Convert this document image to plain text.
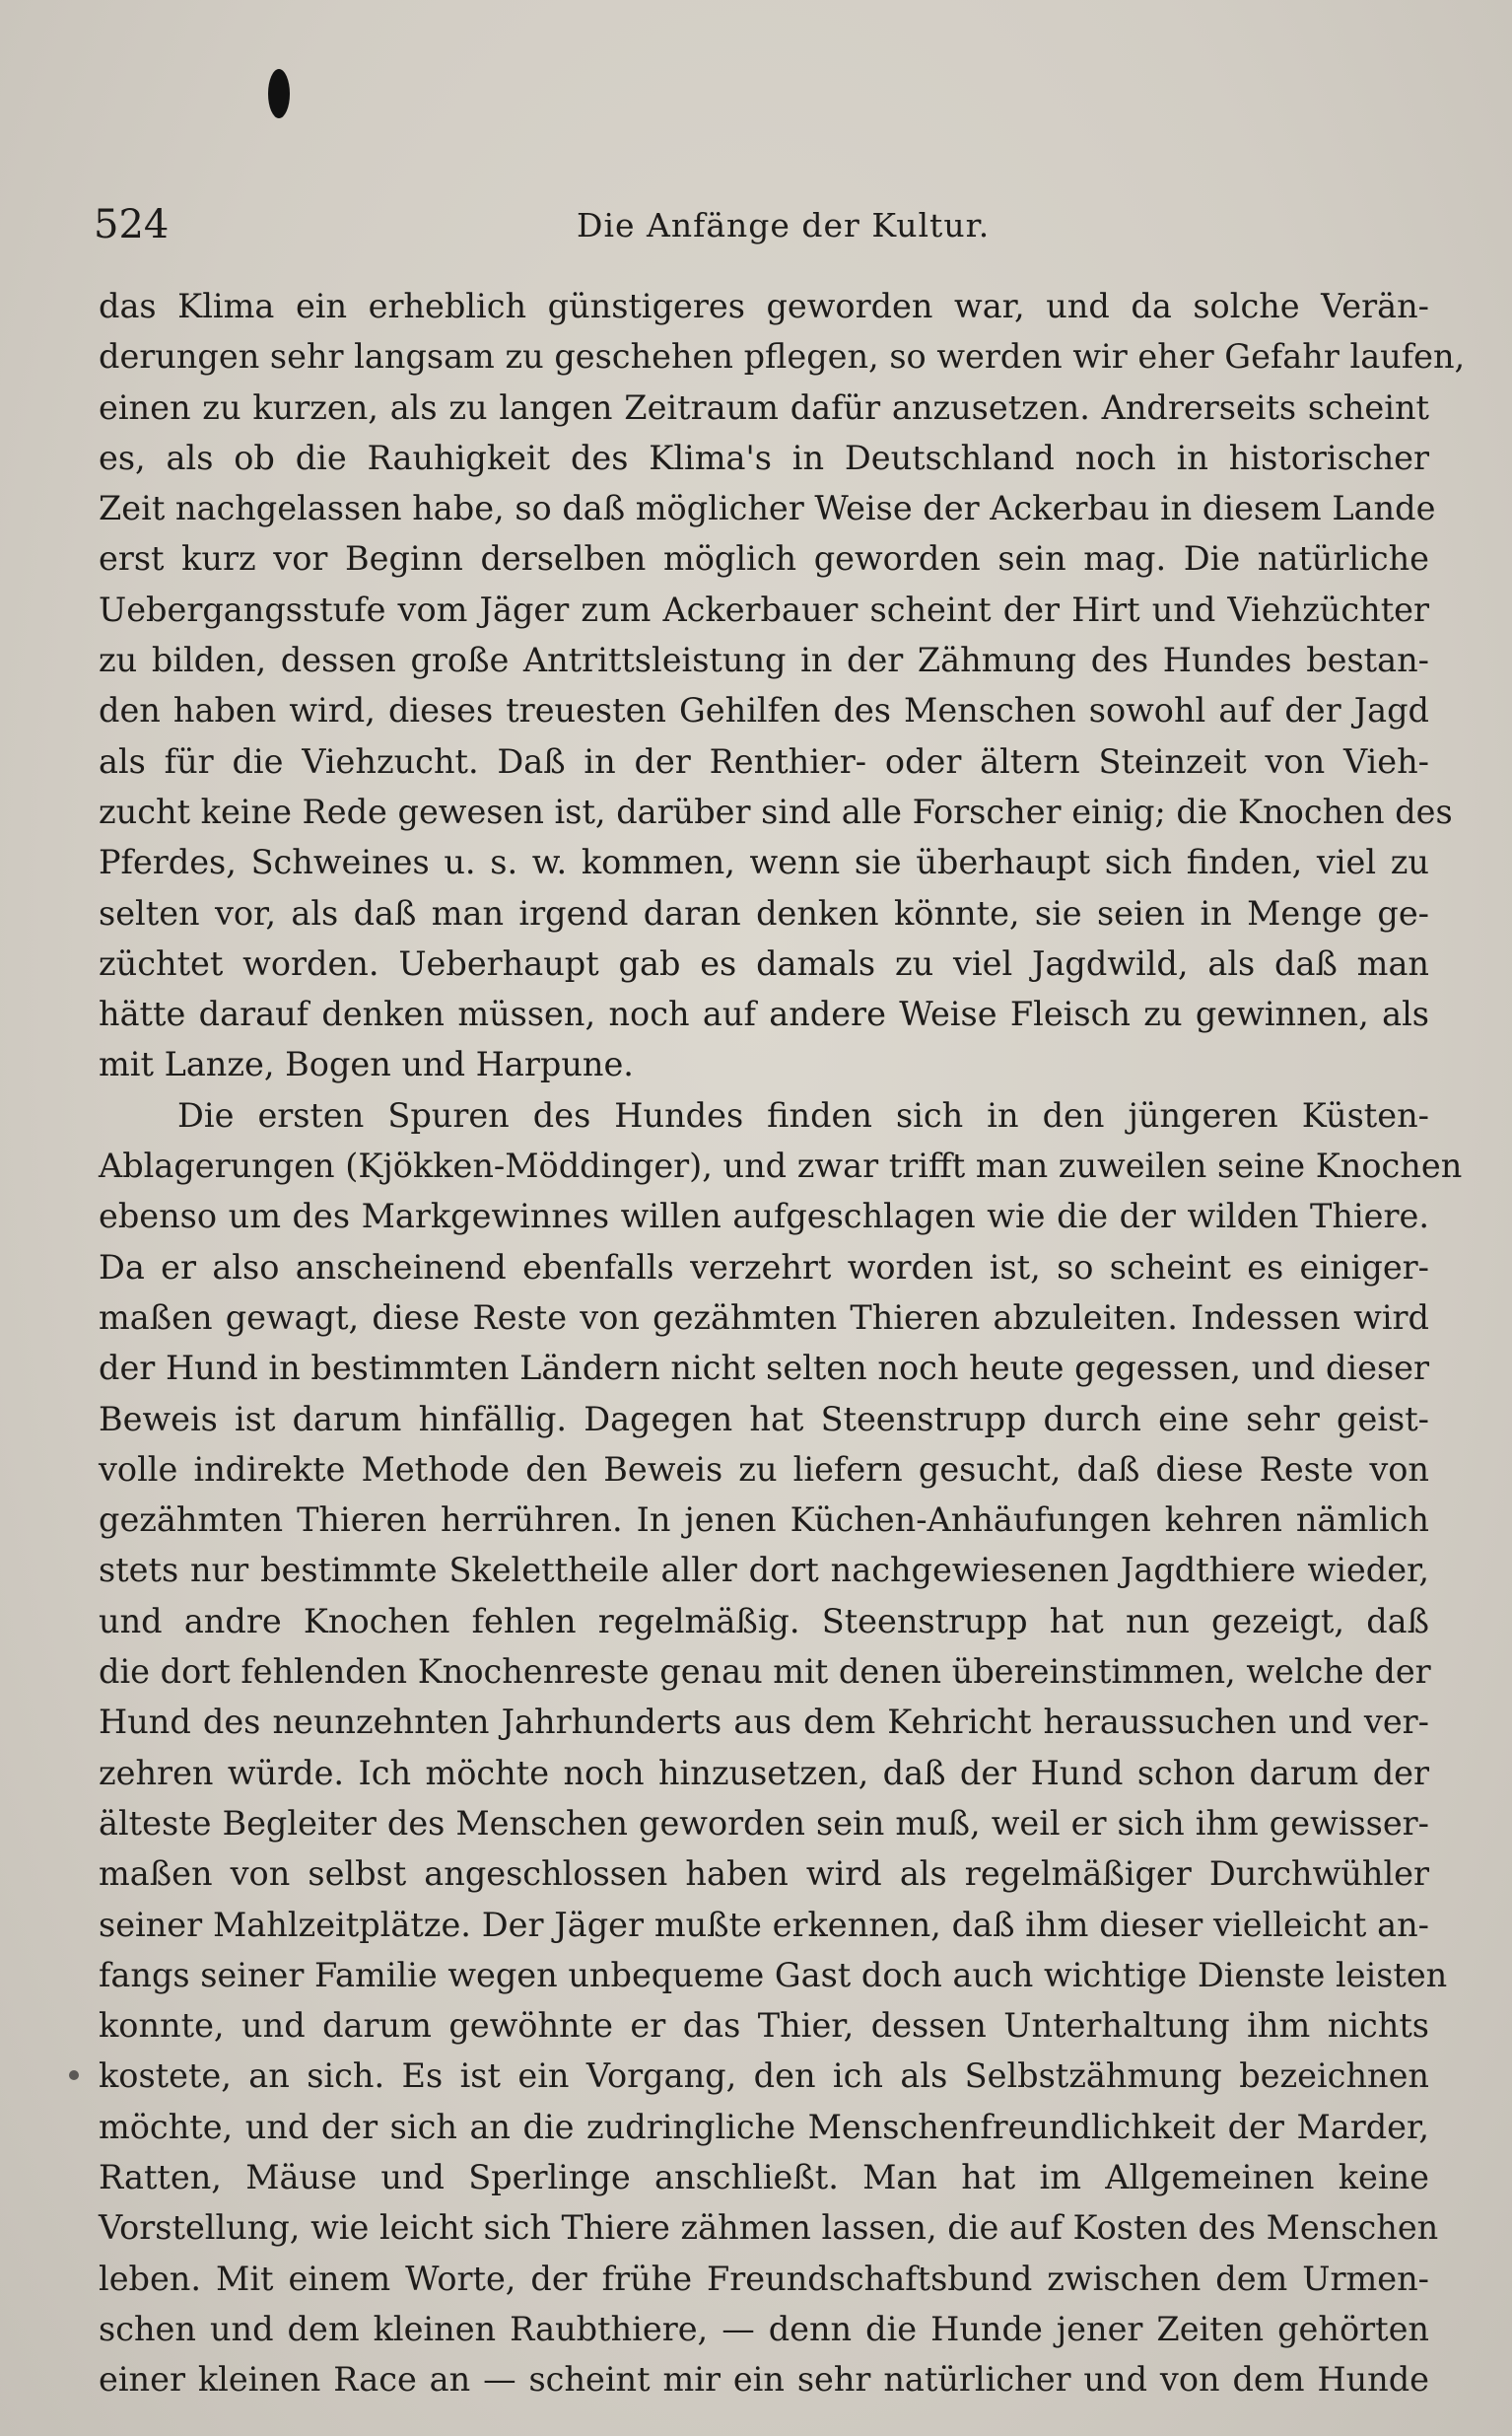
524	Die Anfänge der Kultur.
das Klima ein erheblich günstigeres geworden war, und da solche Verän-
derungen sehr langsam zu geschehen pflegen, so werden wir eher Gefahr laufen,
einen zu kurzen, als zu langen Zeitraum dafür anzusetzen. Andrerseits scheint
es, als ob die Rauhigkeit des Klima's in Deutschland noch in historischer
Zeit nachgelassen habe, so daß möglicher Weise der Ackerbau in diesem Lande
erst kurz vor Beginn derselben möglich geworden sein mag. Die natürliche
Uebergangsstufe vom Jäger zum Ackerbauer scheint der Hirt und Viehzüchter
zu bilden, dessen große Antrittsleistung in der Zähmung des Hundes bestan-
den haben wird, dieses treuesten Gehilfen des Menschen sowohl auf der Jagd
als für die Viehzucht. Daß in der Renthier- oder ältern Steinzeit von Vieh-
zucht keine Rede gewesen ist, darüber sind alle Forscher einig; die Knochen des
Pferdes, Schweines u. s. w. kommen, wenn sie überhaupt sich finden, viel zu
selten vor, als daß man irgend daran denken könnte, sie seien in Menge ge-
züchtet worden. Ueberhaupt gab es damals zu viel Jagdwild, als daß man
hätte darauf denken müssen, noch auf andere Weise Fleisch zu gewinnen, als
mit Lanze, Bogen und Harpune.
Die ersten Spuren des Hundes finden sich in den jüngeren Küsten-
Ablagerungen (Kjökken-Möddinger), und zwar trifft man zuweilen seine Knochen
ebenso um des Markgewinnes willen aufgeschlagen wie die der wilden Thiere.
Da er also anscheinend ebenfalls verzehrt worden ist, so scheint es einiger-
maßen gewagt, diese Reste von gezähmten Thieren abzuleiten. Indessen wird
der Hund in bestimmten Ländern nicht selten noch heute gegessen, und dieser
Beweis ist darum hinfällig. Dagegen hat Steenstrupp durch eine sehr geist-
volle indirekte Methode den Beweis zu liefern gesucht, daß diese Reste von
gezähmten Thieren herrühren. In jenen Küchen-Anhäufungen kehren nämlich
stets nur bestimmte Skelettheile aller dort nachgewiesenen Jagdthiere wieder,
und andre Knochen fehlen regelmäßig. Steenstrupp hat nun gezeigt, daß
die dort fehlenden Knochenreste genau mit denen übereinstimmen, welche der
Hund des neunzehnten Jahrhunderts aus dem Kehricht heraussuchen und ver-
zehren würde. Ich möchte noch hinzusetzen, daß der Hund schon darum der
älteste Begleiter des Menschen geworden sein muß, weil er sich ihm gewisser-
maßen von selbst angeschlossen haben wird als regelmäßiger Durchwühler
seiner Mahlzeitplätze. Der Jäger mußte erkennen, daß ihm dieser vielleicht an-
fangs seiner Familie wegen unbequeme Gast doch auch wichtige Dienste leisten
konnte, und darum gewöhnte er das Thier, dessen Unterhaltung ihm nichts
kostete, an sich. Es ist ein Vorgang, den ich als Selbstzähmung bezeichnen
möchte, und der sich an die zudringliche Menschenfreundlichkeit der Marder,
Ratten, Mäuse und Sperlinge anschließt. Man hat im Allgemeinen keine
Vorstellung, wie leicht sich Thiere zähmen lassen, die auf Kosten des Menschen
leben. Mit einem Worte, der frühe Freundschaftsbund zwischen dem Urmen-
schen und dem kleinen Raubthiere, — denn die Hunde jener Zeiten gehörten
einer kleinen Race an — scheint mir ein sehr natürlicher und von dem Hunde
